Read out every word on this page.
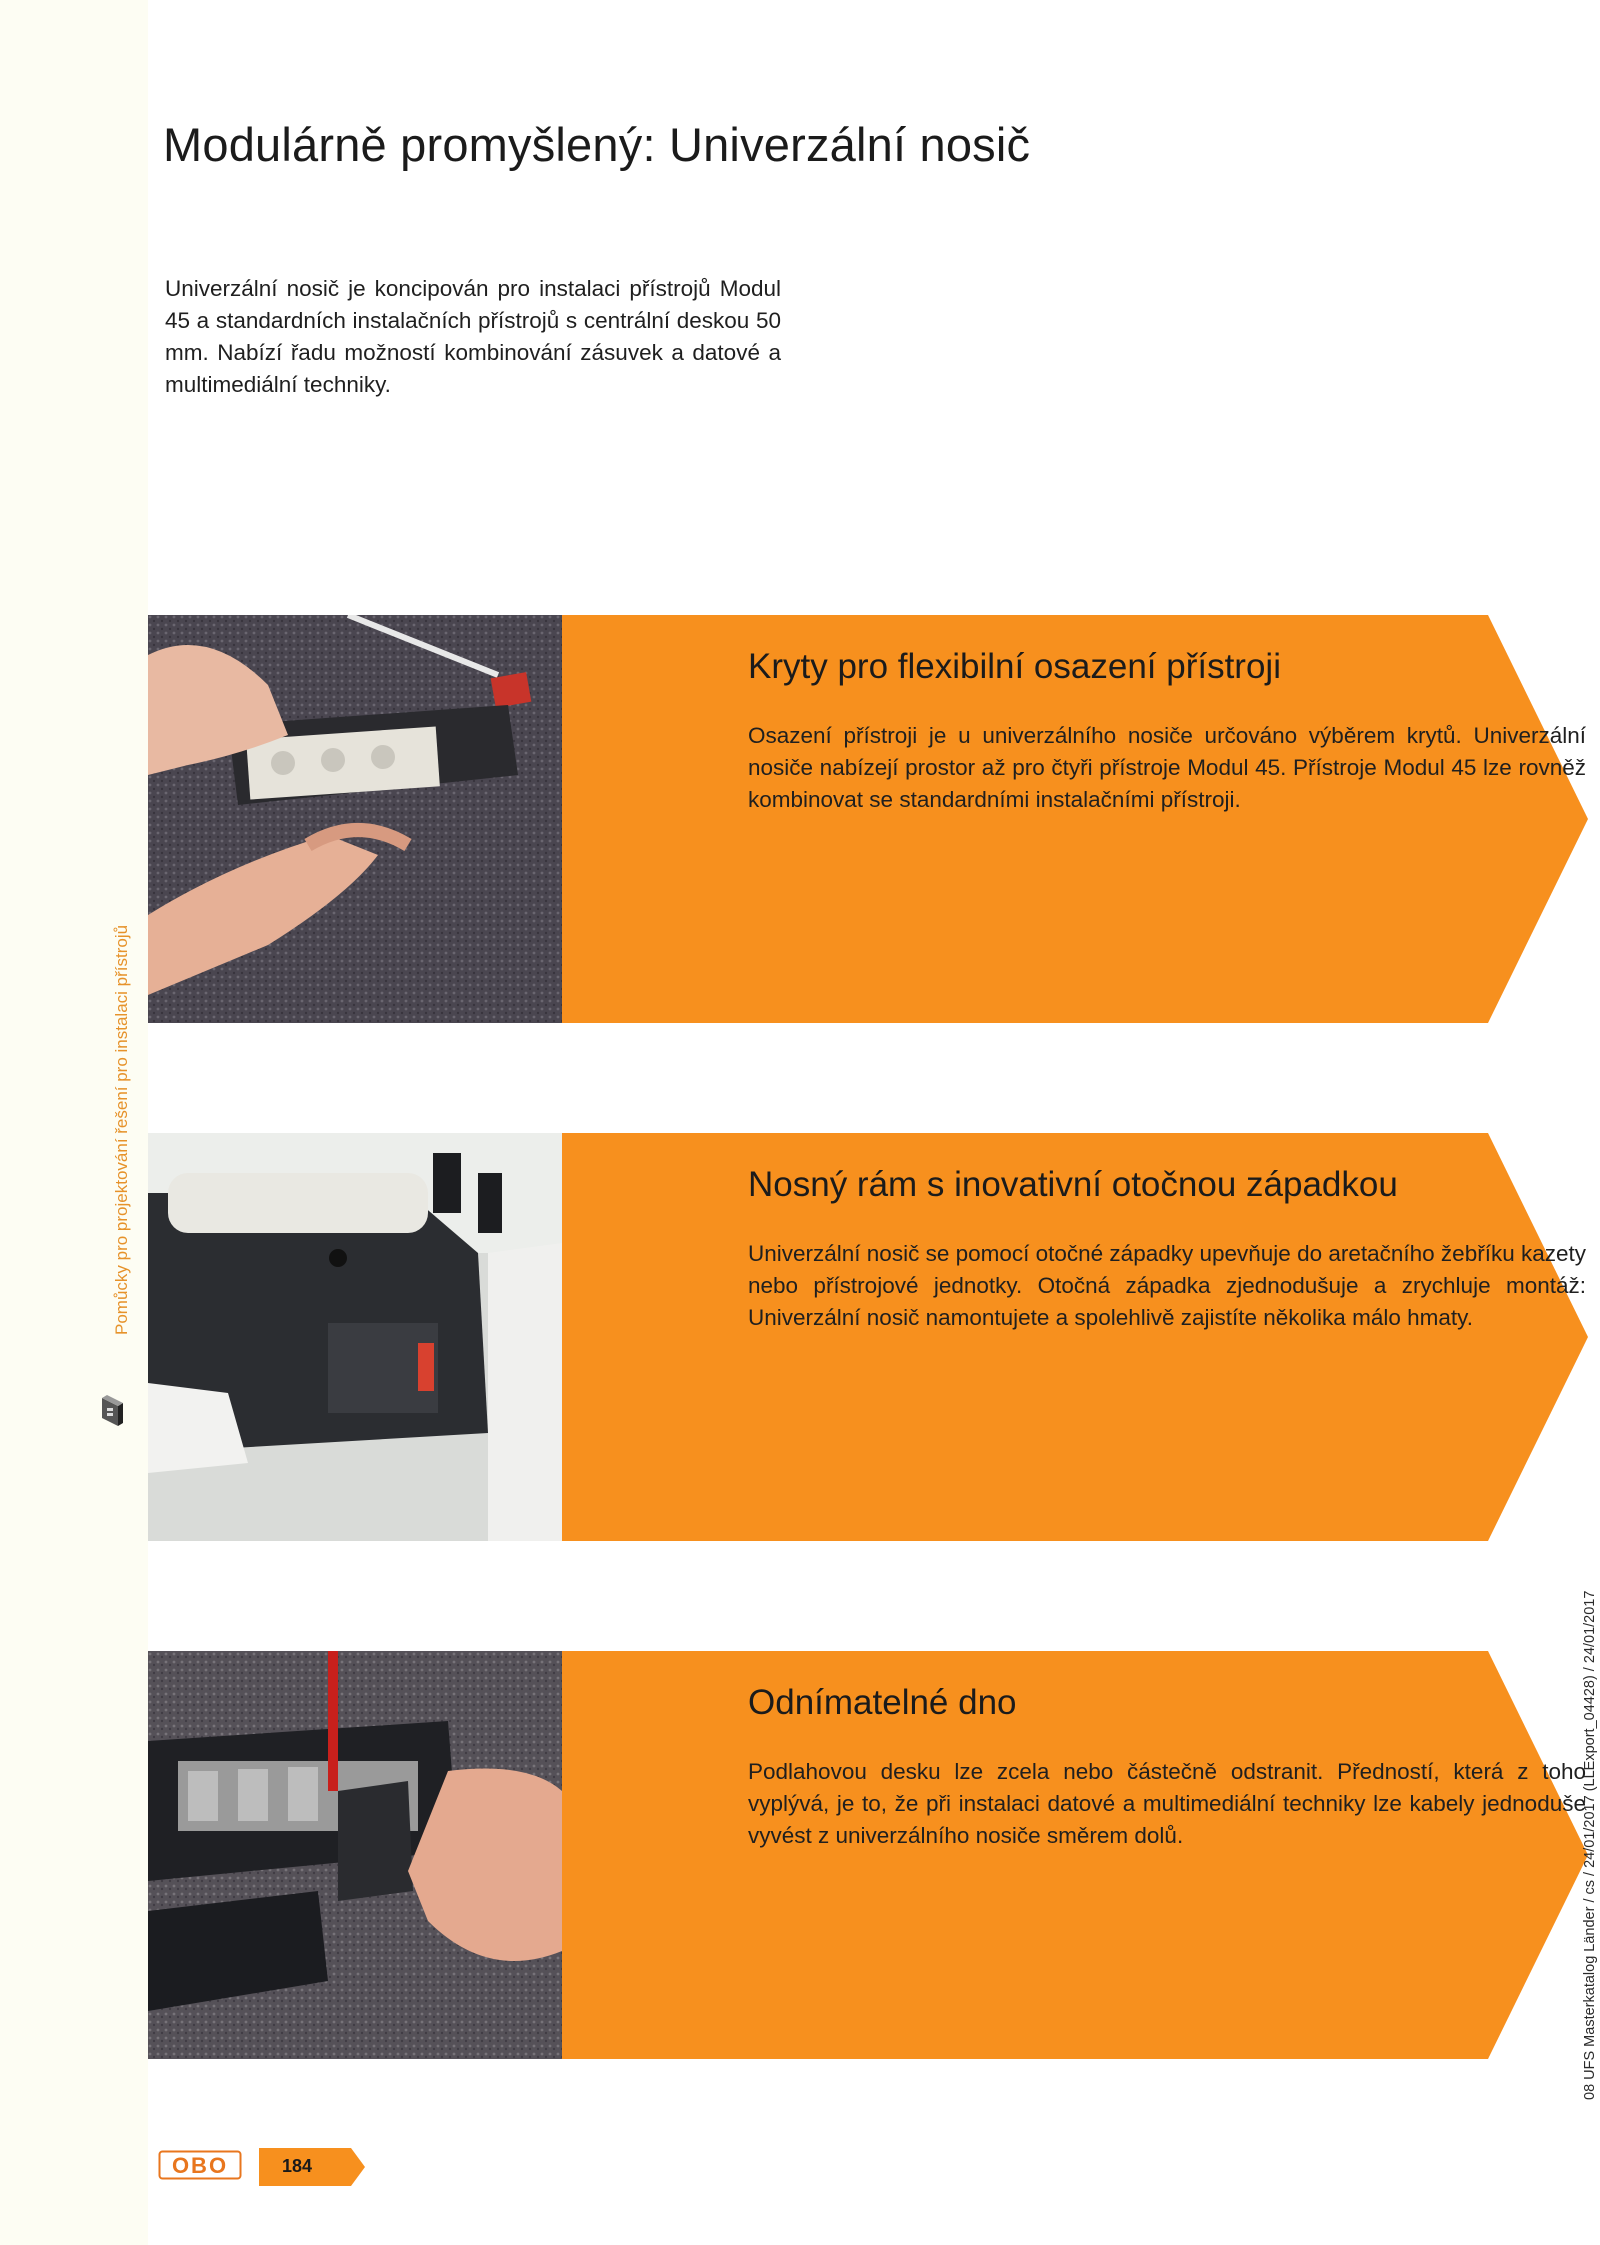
Pomůcky pro projektování řešení pro instalaci přístrojů
Modulárně promyšlený: Univerzální nosič

Univerzální nosič je koncipován pro instalaci přístrojů Modul 45 a standardních instalačních přístrojů s centrální deskou 50 mm. Nabízí řadu možností kombinování zásuvek a datové a multimediální techniky.

Kryty pro flexibilní osazení přístroji

Osazení přístroji je u univerzálního nosiče určováno výběrem krytů. Univerzální nosiče nabízejí prostor až pro čtyři přístroje Modul 45. Přístroje Modul 45 lze rovněž kombinovat se standardními instalačními přístroji.

Nosný rám s inovativní otočnou západkou

Univerzální nosič se pomocí otočné západky upevňuje do aretačního žebříku kazety nebo přístrojové jednotky. Otočná západka zjednodušuje a zrychluje montáž: Univerzální nosič namontujete a spolehlivě zajistíte několika málo hmaty.

Odnímatelné dno

Podlahovou desku lze zcela nebo částečně odstranit. Předností, která z toho vyplývá, je to, že při instalaci datové a multimediální techniky lze kabely jednoduše vyvést z univerzálního nosiče směrem dolů.	08 UFS Masterkatalog Länder / cs / 24/01/2017 (LLExport_04428) / 24/01/2017
OBO	184
